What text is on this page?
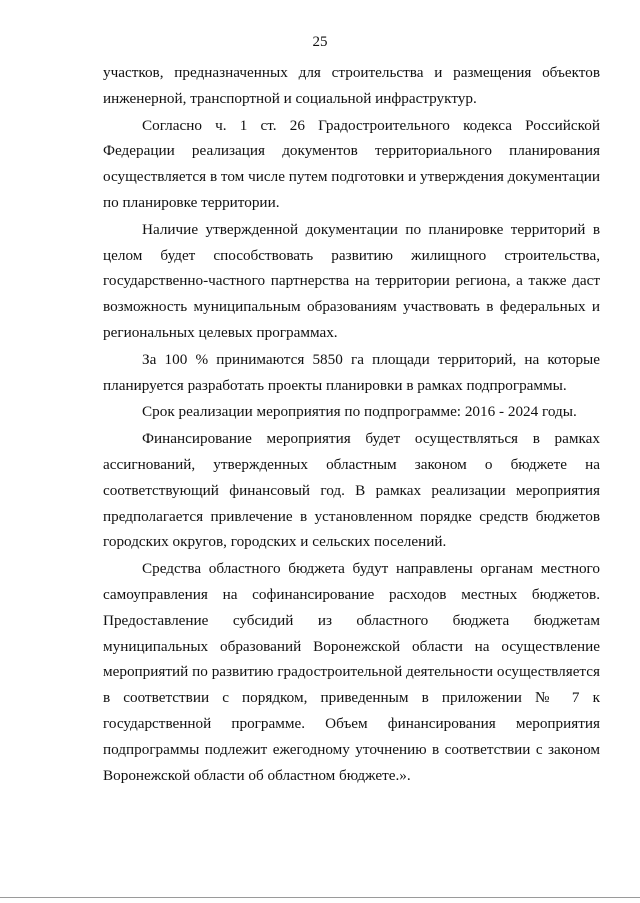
25

участков, предназначенных для строительства и размещения объектов инженерной, транспортной и социальной инфраструктур.

Согласно ч. 1 ст. 26 Градостроительного кодекса Российской Федерации реализация документов территориального планирования осуществляется в том числе путем подготовки и утверждения документации по планировке территории.

Наличие утвержденной документации по планировке территорий в целом будет способствовать развитию жилищного строительства, государственно-частного партнерства на территории региона, а также даст возможность муниципальным образованиям участвовать в федеральных и региональных целевых программах.

За 100 % принимаются 5850 га площади территорий, на которые планируется разработать проекты планировки в рамках подпрограммы.

Срок реализации мероприятия по подпрограмме: 2016 - 2024 годы.

Финансирование мероприятия будет осуществляться в рамках ассигнований, утвержденных областным законом о бюджете на соответствующий финансовый год. В рамках реализации мероприятия предполагается привлечение в установленном порядке средств бюджетов городских округов, городских и сельских поселений.

Средства областного бюджета будут направлены органам местного самоуправления на софинансирование расходов местных бюджетов. Предоставление субсидий из областного бюджета бюджетам муниципальных образований Воронежской области на осуществление мероприятий по развитию градостроительной деятельности осуществляется в соответствии с порядком, приведенным в приложении № 7 к государственной программе. Объем финансирования мероприятия подпрограммы подлежит ежегодному уточнению в соответствии с законом Воронежской области об областном бюджете.».
